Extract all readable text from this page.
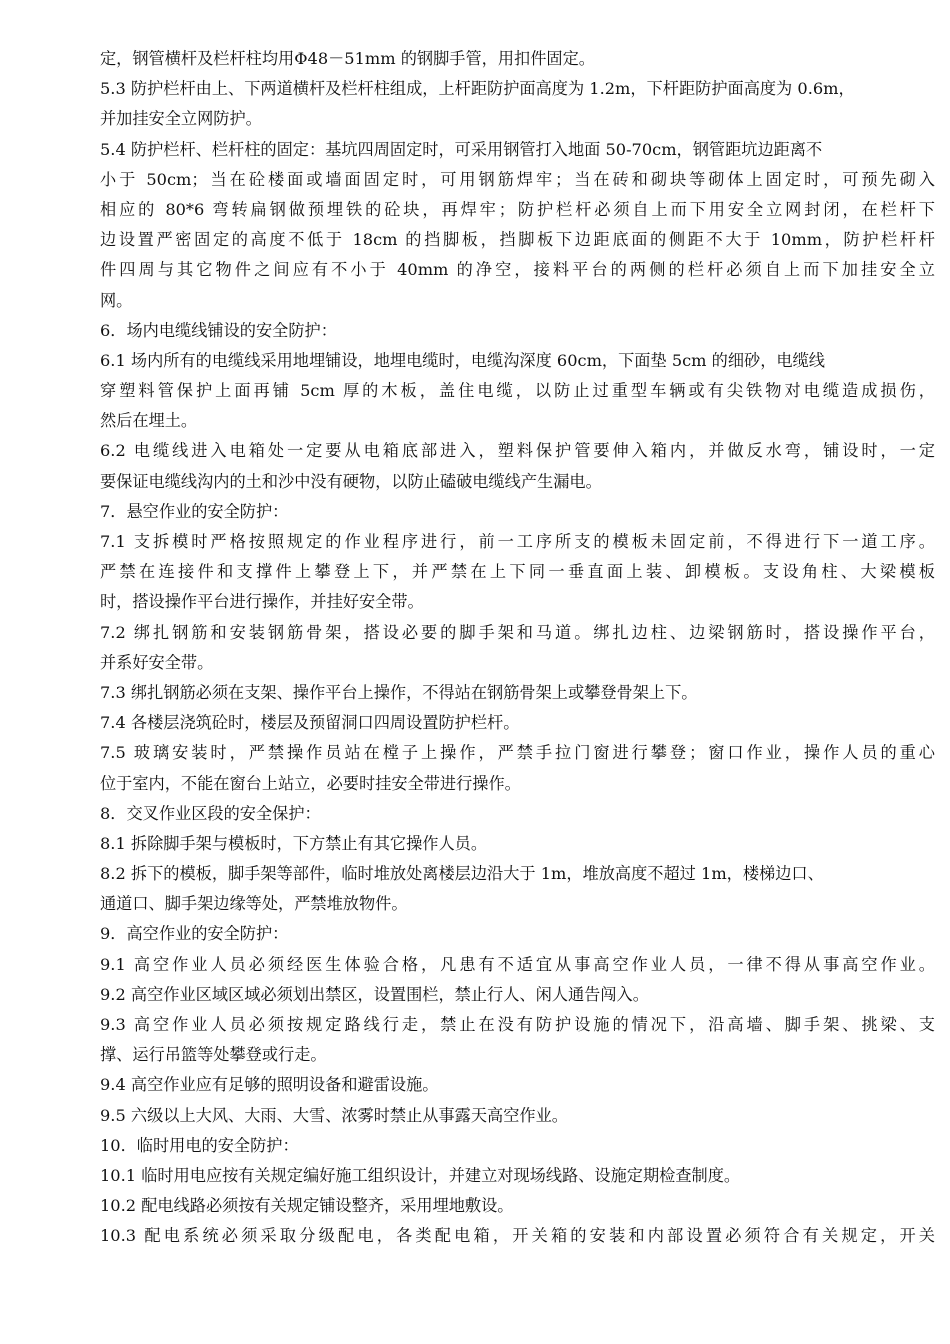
定，钢管横杆及栏杆柱均用Φ48－51mm 的钢脚手管，用扣件固定。
5.3 防护栏杆由上、下两道横杆及栏杆柱组成，上杆距防护面高度为 1.2m，下杆距防护面高度为 0.6m，
并加挂安全立网防护。
5.4 防护栏杆、栏杆柱的固定：基坑四周固定时，可采用钢管打入地面 50-70cm，钢管距坑边距离不
小于 50cm；当在砼楼面或墙面固定时，可用钢筋焊牢；当在砖和砌块等砌体上固定时，可预先砌入
相应的 80*6 弯转扁钢做预埋铁的砼块，再焊牢；防护栏杆必须自上而下用安全立网封闭，在栏杆下
边设置严密固定的高度不低于 18cm 的挡脚板，挡脚板下边距底面的侧距不大于 10mm，防护栏杆杆
件四周与其它物件之间应有不小于 40mm 的净空，接料平台的两侧的栏杆必须自上而下加挂安全立
网。
6．场内电缆线铺设的安全防护：
6.1 场内所有的电缆线采用地埋铺设，地埋电缆时，电缆沟深度 60cm，下面垫 5cm 的细砂，电缆线
穿塑料管保护上面再铺 5cm 厚的木板，盖住电缆，以防止过重型车辆或有尖铁物对电缆造成损伤，
然后在埋土。
6.2 电缆线进入电箱处一定要从电箱底部进入，塑料保护管要伸入箱内，并做反水弯，铺设时，一定
要保证电缆线沟内的土和沙中没有硬物，以防止磕破电缆线产生漏电。
7．悬空作业的安全防护：
7.1 支拆模时严格按照规定的作业程序进行，前一工序所支的模板未固定前，不得进行下一道工序。
严禁在连接件和支撑件上攀登上下，并严禁在上下同一垂直面上装、卸模板。支设角柱、大梁模板
时，搭设操作平台进行操作，并挂好安全带。
7.2 绑扎钢筋和安装钢筋骨架，搭设必要的脚手架和马道。绑扎边柱、边梁钢筋时，搭设操作平台，
并系好安全带。
7.3 绑扎钢筋必须在支架、操作平台上操作，不得站在钢筋骨架上或攀登骨架上下。
7.4 各楼层浇筑砼时，楼层及预留洞口四周设置防护栏杆。
7.5 玻璃安装时，严禁操作员站在樘子上操作，严禁手拉门窗进行攀登；窗口作业，操作人员的重心
位于室内，不能在窗台上站立，必要时挂安全带进行操作。
8．交叉作业区段的安全保护：
8.1 拆除脚手架与模板时，下方禁止有其它操作人员。
8.2 拆下的模板，脚手架等部件，临时堆放处离楼层边沿大于 1m，堆放高度不超过 1m，楼梯边口、
通道口、脚手架边缘等处，严禁堆放物件。
9．高空作业的安全防护：
9.1 高空作业人员必须经医生体验合格，凡患有不适宜从事高空作业人员，一律不得从事高空作业。
9.2 高空作业区域区域必须划出禁区，设置围栏，禁止行人、闲人通告闯入。
9.3 高空作业人员必须按规定路线行走，禁止在没有防护设施的情况下，沿高墙、脚手架、挑梁、支
撑、运行吊篮等处攀登或行走。
9.4 高空作业应有足够的照明设备和避雷设施。
9.5 六级以上大风、大雨、大雪、浓雾时禁止从事露天高空作业。
10．临时用电的安全防护：
10.1 临时用电应按有关规定编好施工组织设计，并建立对现场线路、设施定期检查制度。
10.2 配电线路必须按有关规定铺设整齐，采用埋地敷设。
10.3 配电系统必须采取分级配电，各类配电箱，开关箱的安装和内部设置必须符合有关规定，开关
